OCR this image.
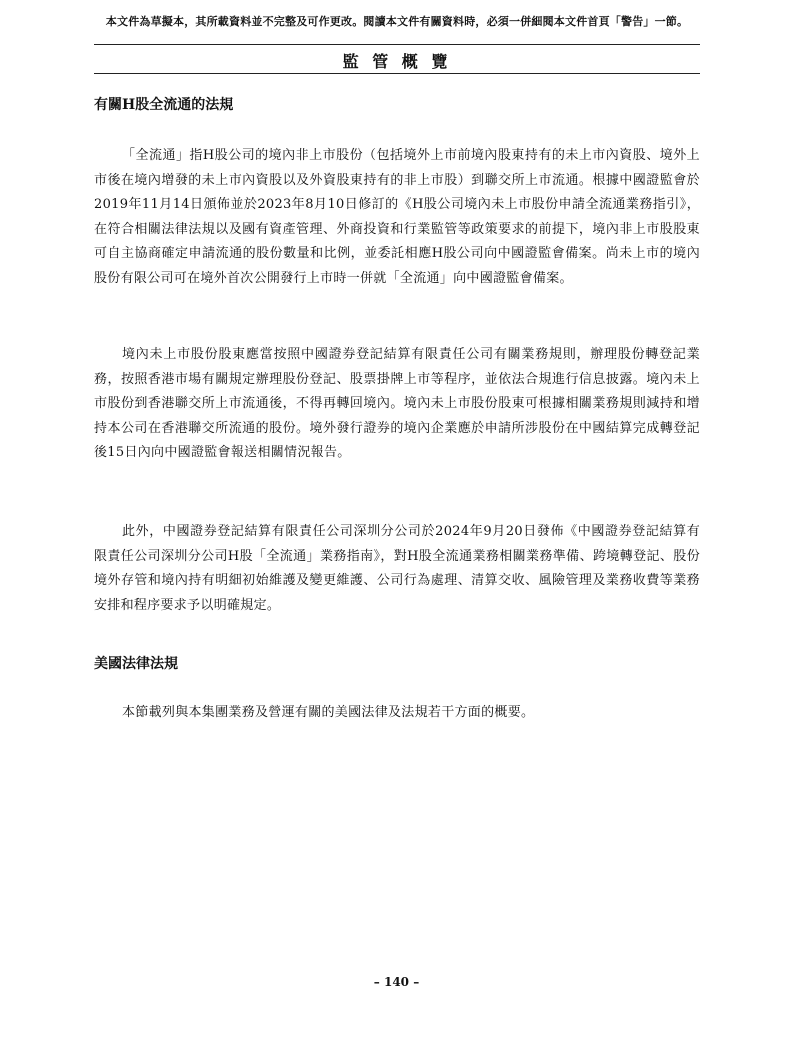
本文件為草擬本，其所載資料並不完整及可作更改。閱讀本文件有關資料時，必須一併細閱本文件首頁「警告」一節。
監 管 概 覽
有關H股全流通的法規

「全流通」指H股公司的境內非上市股份（包括境外上市前境內股東持有的未上市內資股、境外上市後在境內增發的未上市內資股以及外資股東持有的非上市股）到聯交所上市流通。根據中國證監會於2019年11月14日頒佈並於2023年8月10日修訂的《H股公司境內未上市股份申請全流通業務指引》，在符合相關法律法規以及國有資產管理、外商投資和行業監管等政策要求的前提下，境內非上市股股東可自主協商確定申請流通的股份數量和比例，並委託相應H股公司向中國證監會備案。尚未上市的境內股份有限公司可在境外首次公開發行上市時一併就「全流通」向中國證監會備案。

境內未上市股份股東應當按照中國證券登記結算有限責任公司有關業務規則，辦理股份轉登記業務，按照香港市場有關規定辦理股份登記、股票掛牌上市等程序，並依法合規進行信息披露。境內未上市股份到香港聯交所上市流通後，不得再轉回境內。境內未上市股份股東可根據相關業務規則減持和增持本公司在香港聯交所流通的股份。境外發行證券的境內企業應於申請所涉股份在中國結算完成轉登記後15日內向中國證監會報送相關情況報告。

此外，中國證券登記結算有限責任公司深圳分公司於2024年9月20日發佈《中國證券登記結算有限責任公司深圳分公司H股「全流通」業務指南》，對H股全流通業務相關業務準備、跨境轉登記、股份境外存管和境內持有明細初始維護及變更維護、公司行為處理、清算交收、風險管理及業務收費等業務安排和程序要求予以明確規定。

美國法律法規

本節載列與本集團業務及營運有關的美國法律及法規若干方面的概要。

– 140 –
